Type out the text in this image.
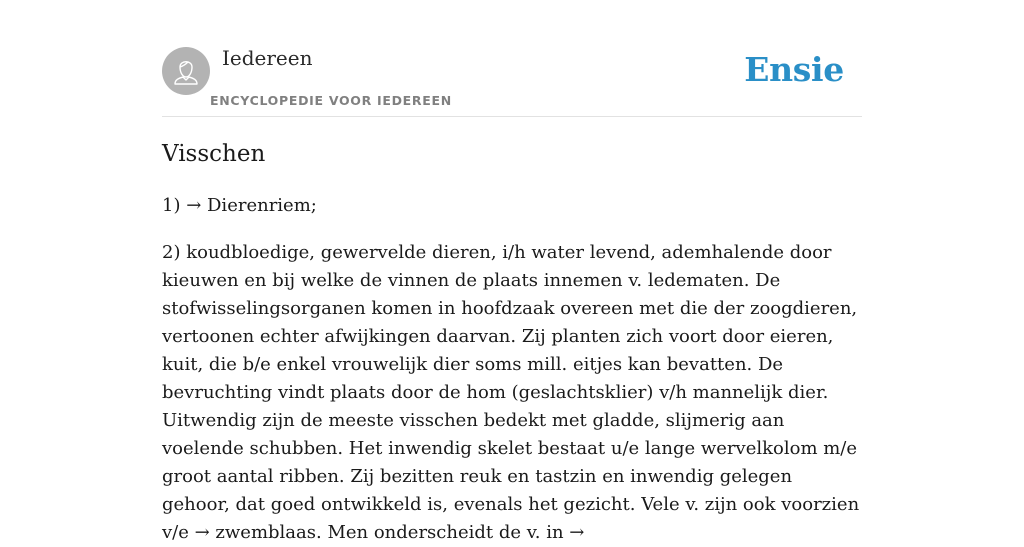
Iedereen
ENCYCLOPEDIE VOOR IEDEREEN
Ensie
Visschen

1) → Dierenriem;

2) koudbloedige, gewervelde dieren, i/h water levend, ademhalende door kieuwen en bij welke de vinnen de plaats innemen v. ledematen. De stofwisselingsorganen komen in hoofdzaak overeen met die der zoogdieren, vertoonen echter afwijkingen daarvan. Zij planten zich voort door eieren, kuit, die b/e enkel vrouwelijk dier soms mill. eitjes kan bevatten. De bevruchting vindt plaats door de hom (geslachtsklier) v/h mannelijk dier. Uitwendig zijn de meeste visschen bedekt met gladde, slijmerig aan voelende schubben. Het inwendig skelet bestaat u/e lange wervelkolom m/e groot aantal ribben. Zij bezitten reuk en tastzin en inwendig gelegen gehoor, dat goed ontwikkeld is, evenals het gezicht. Vele v. zijn ook voorzien v/e → zwemblaas. Men onderscheidt de v. in →
